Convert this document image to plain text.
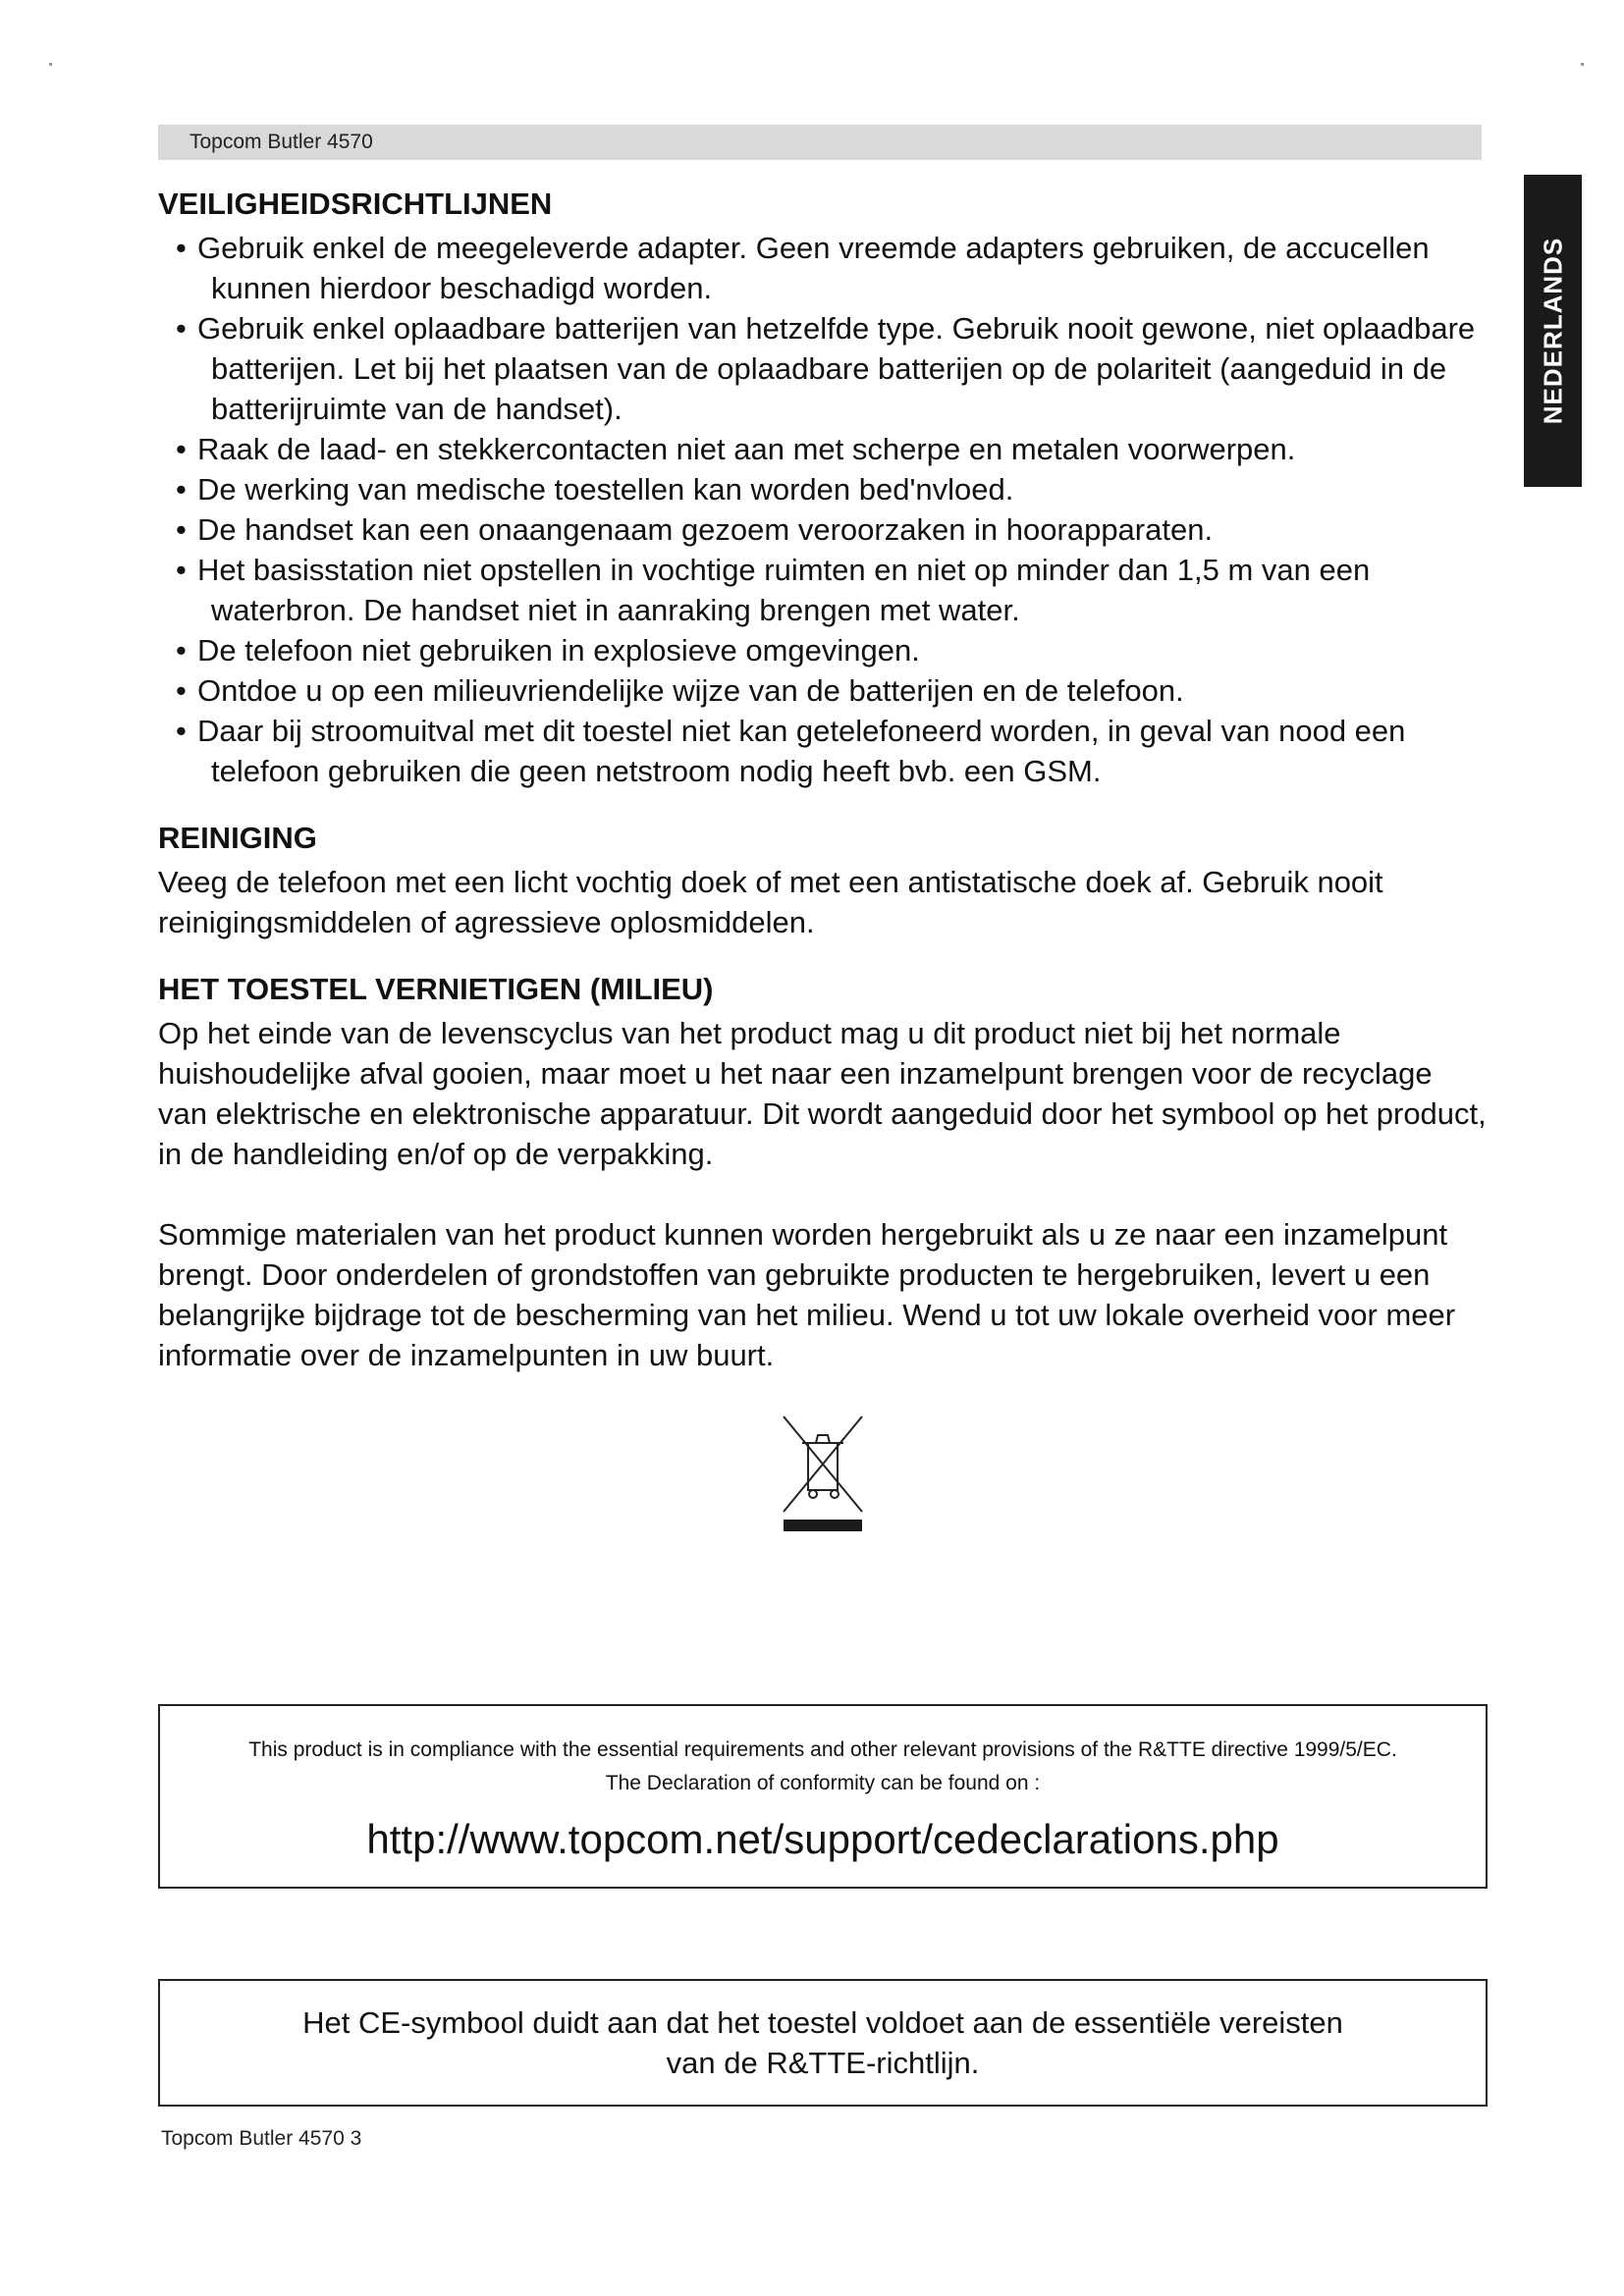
Topcom Butler 4570
NEDERLANDS
VEILIGHEIDSRICHTLIJNEN
• Gebruik enkel de meegeleverde adapter. Geen vreemde adapters gebruiken, de accucellen kunnen hierdoor beschadigd worden.
• Gebruik enkel oplaadbare batterijen van hetzelfde type. Gebruik nooit gewone, niet oplaadbare batterijen. Let bij het plaatsen van de oplaadbare batterijen op de polariteit (aangeduid in de batterijruimte van de handset).
• Raak de laad- en stekkercontacten niet aan met scherpe en metalen voorwerpen.
• De werking van medische toestellen kan worden bed'nvloed.
• De handset kan een onaangenaam gezoem veroorzaken in hoorapparaten.
• Het basisstation niet opstellen in vochtige ruimten en niet op minder dan 1,5 m van een waterbron. De handset niet in aanraking brengen met water.
• De telefoon niet gebruiken in explosieve omgevingen.
• Ontdoe u op een milieuvriendelijke wijze van de batterijen en de telefoon.
• Daar bij stroomuitval met dit toestel niet kan getelefoneerd worden, in geval van nood een telefoon gebruiken die geen netstroom nodig heeft bvb. een GSM.
REINIGING

Veeg de telefoon met een licht vochtig doek of met een antistatische doek af. Gebruik nooit reinigingsmiddelen of agressieve oplosmiddelen.

HET TOESTEL VERNIETIGEN (MILIEU)

Op het einde van de levenscyclus van het product mag u dit product niet bij het normale huishoudelijke afval gooien, maar moet u het naar een inzamelpunt brengen voor de recyclage van elektrische en elektronische apparatuur. Dit wordt aangeduid door het symbool op het product, in de handleiding en/of op de verpakking.

Sommige materialen van het product kunnen worden hergebruikt als u ze naar een inzamelpunt brengt. Door onderdelen of grondstoffen van gebruikte producten te hergebruiken, levert u een belangrijke bijdrage tot de bescherming van het milieu. Wend u tot uw lokale overheid voor meer informatie over de inzamelpunten in uw buurt.

This product is in compliance with the essential requirements and other relevant provisions of the R&TTE directive 1999/5/EC.
The Declaration of conformity can be found on :
http://www.topcom.net/support/cedeclarations.php
Het CE-symbool duidt aan dat het toestel voldoet aan de essentiële vereisten
van de R&TTE-richtlijn.
Topcom Butler 4570 3
